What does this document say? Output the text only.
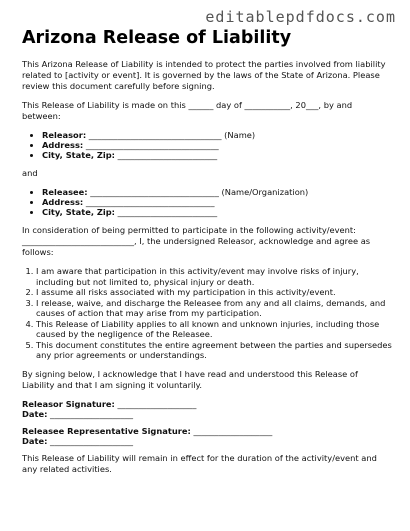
editablepdfdocs.com
Arizona Release of Liability

This Arizona Release of Liability is intended to protect the parties involved from liability related to [activity or event]. It is governed by the laws of the State of Arizona. Please review this document carefully before signing.

This Release of Liability is made on this ______ day of ___________, 20___, by and between:

• Releasor: ________________________________ (Name)
• Address: ________________________________
• City, State, Zip: ________________________

and

• Releasee: _______________________________ (Name/Organization)
• Address: _______________________________
• City, State, Zip: ________________________

In consideration of being permitted to participate in the following activity/event: ___________________________, I, the undersigned Releasor, acknowledge and agree as follows:

1. I am aware that participation in this activity/event may involve risks of injury, including but not limited to, physical injury or death.
2. I assume all risks associated with my participation in this activity/event.
3. I release, waive, and discharge the Releasee from any and all claims, demands, and causes of action that may arise from my participation.
4. This Release of Liability applies to all known and unknown injuries, including those caused by the negligence of the Releasee.
5. This document constitutes the entire agreement between the parties and supersedes any prior agreements or understandings.

By signing below, I acknowledge that I have read and understood this Release of Liability and that I am signing it voluntarily.

Releasor Signature: ___________________
Date: ____________________
Releasee Representative Signature: ___________________
Date: ____________________

This Release of Liability will remain in effect for the duration of the activity/event and any related activities.
